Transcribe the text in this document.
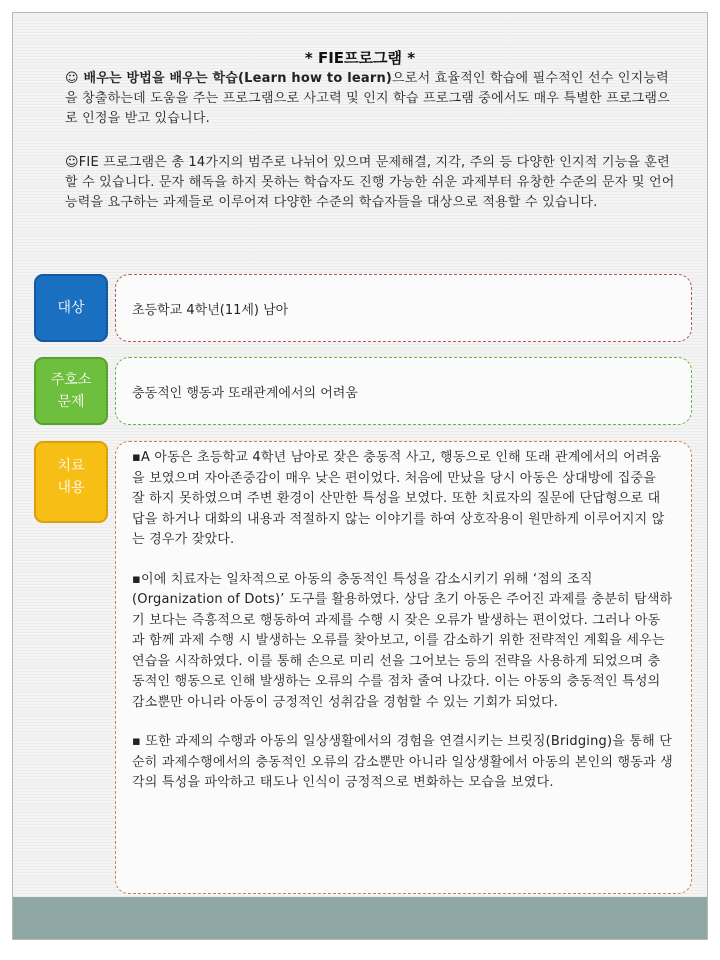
* FIE프로그램 *
☺ 배우는 방법을 배우는 학습(Learn how to learn)으로서 효율적인 학습에 필수적인 선수 인지능력을 창출하는데 도움을 주는 프로그램으로 사고력 및 인지 학습 프로그램 중에서도 매우 특별한 프로그램으로 인정을 받고 있습니다.
☺FIE 프로그램은 총 14가지의 범주로 나뉘어 있으며 문제해결, 지각, 주의 등 다양한 인지적 기능을 훈련할 수 있습니다. 문자 해독을 하지 못하는 학습자도 진행 가능한 쉬운 과제부터 유창한 수준의 문자 및 언어능력을 요구하는 과제들로 이루어져 다양한 수준의 학습자들을 대상으로 적용할 수 있습니다.
대상	초등학교 4학년(11세) 남아
주호소
문제
충동적인 행동과 또래관계에서의 어려움
치료
내용

▪A 아동은 초등학교 4학년 남아로 잦은 충동적 사고, 행동으로 인해 또래 관계에서의 어려움을 보였으며 자아존중감이 매우 낮은 편이었다. 처음에 만났을 당시 아동은 상대방에 집중을 잘 하지 못하였으며 주변 환경이 산만한 특성을 보였다. 또한 치료자의 질문에 단답형으로 대답을 하거나 대화의 내용과 적절하지 않는 이야기를 하여 상호작용이 원만하게 이루어지지 않는 경우가 잦았다.

▪이에 치료자는 일차적으로 아동의 충동적인 특성을 감소시키기 위해 ‘점의 조직(Organization of Dots)’ 도구를 활용하였다. 상담 초기 아동은 주어진 과제를 충분히 탐색하기 보다는 즉흥적으로 행동하여 과제를 수행 시 잦은 오류가 발생하는 편이었다. 그러나 아동과 함께 과제 수행 시 발생하는 오류를 찾아보고, 이를 감소하기 위한 전략적인 계획을 세우는 연습을 시작하였다. 이를 통해 손으로 미리 선을 그어보는 등의 전략을 사용하게 되었으며 충동적인 행동으로 인해 발생하는 오류의 수를 점차 줄여 나갔다. 이는 아동의 충동적인 특성의 감소뿐만 아니라 아동이 긍정적인 성취감을 경험할 수 있는 기회가 되었다.

▪ 또한 과제의 수행과 아동의 일상생활에서의 경험을 연결시키는 브릿징(Bridging)을 통해 단순히 과제수행에서의 충동적인 오류의 감소뿐만 아니라 일상생활에서 아동의 본인의 행동과 생각의 특성을 파악하고 태도나 인식이 긍정적으로 변화하는 모습을 보였다.
